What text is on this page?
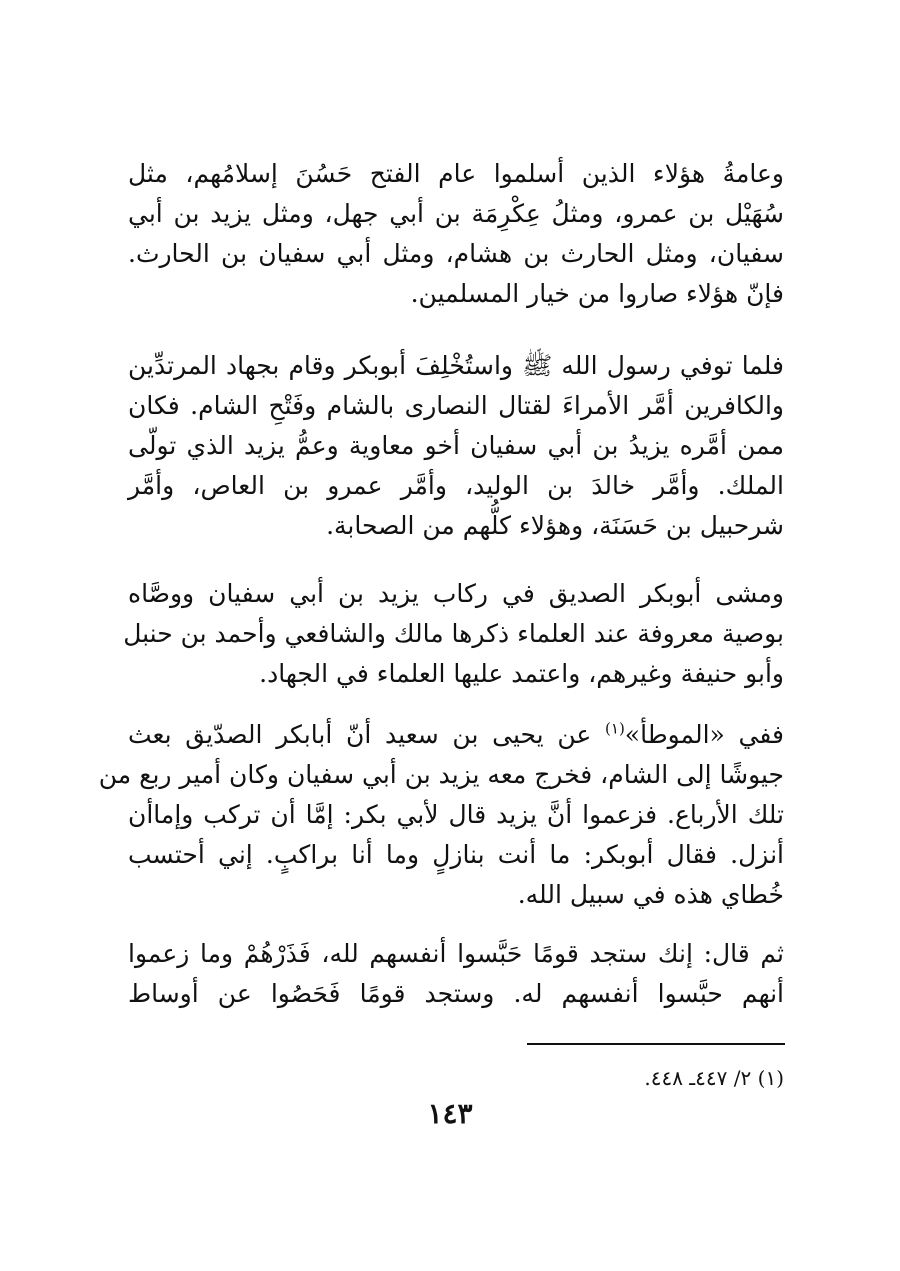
وعامةُ هؤلاء الذين أسلموا عام الفتح حَسُنَ إسلامُهم، مثل
سُهَيْل بن عمرو، ومثلُ عِكْرِمَة بن أبي جهل، ومثل يزيد بن أبي
سفيان، ومثل الحارث بن هشام، ومثل أبي سفيان بن الحارث.
فإنّ هؤلاء صاروا من خيار المسلمين.
فلما توفي رسول الله ﷺ واستُخْلِفَ أبوبكر وقام بجهاد المرتدِّين
والكافرين أمَّر الأمراءَ لقتال النصارى بالشام وفَتْحِ الشام. فكان
ممن أمَّره يزيدُ بن أبي سفيان أخو معاوية وعمُّ يزيد الذي تولّى
الملك. وأمَّر خالدَ بن الوليد، وأمَّر عمرو بن العاص، وأمَّر
شرحبيل بن حَسَنَة، وهؤلاء كلُّهم من الصحابة.
ومشى أبوبكر الصديق في ركاب يزيد بن أبي سفيان ووصَّاه
بوصية معروفة عند العلماء ذكرها مالك والشافعي وأحمد بن حنبل
وأبو حنيفة وغيرهم، واعتمد عليها العلماء في الجهاد.
ففي «الموطأ»$^{(١)}$ عن يحيى بن سعيد أنّ أبابكر الصدّيق بعث
جيوشًا إلى الشام، فخرج معه يزيد بن أبي سفيان وكان أمير ربع من
تلك الأرباع. فزعموا أنَّ يزيد قال لأبي بكر: إمَّا أن تركب وإماأن
أنزل. فقال أبوبكر: ما أنت بنازلٍ وما أنا براكبٍ. إني أحتسب
خُطاي هذه في سبيل الله.
ثم قال: إنك ستجد قومًا حَبَّسوا أنفسهم لله، فَذَرْهُمْ وما زعموا
أنهم حبَّسوا أنفسهم له. وستجد قومًا فَحَصُوا عن أوساط
(١) ٢/ ٤٤٧ـ ٤٤٨.
١٤٣
